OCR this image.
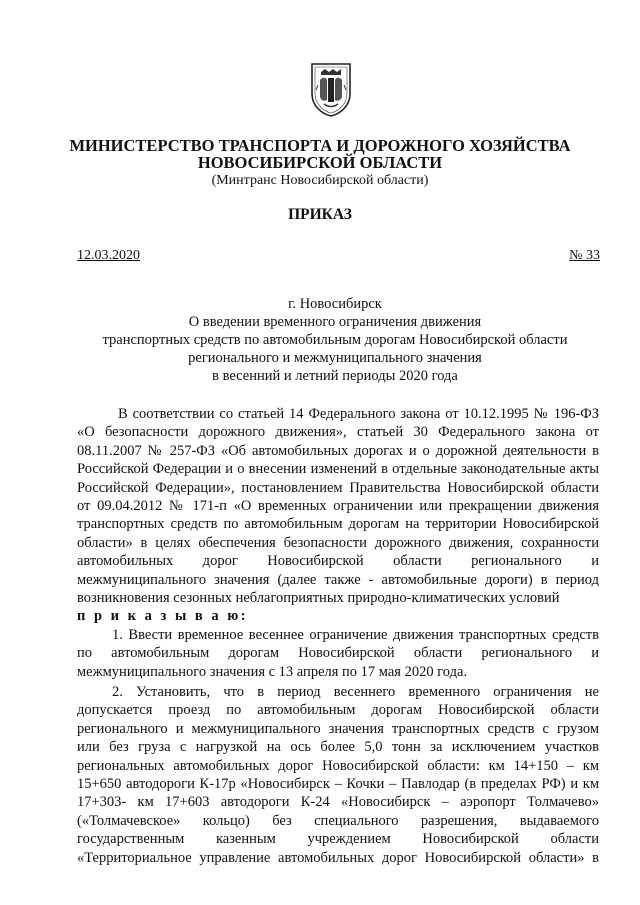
МИНИСТЕРСТВО ТРАНСПОРТА И ДОРОЖНОГО ХОЗЯЙСТВА
НОВОСИБИРСКОЙ ОБЛАСТИ
(Минтранс Новосибирской области)
ПРИКАЗ
12.03.2020	№ 33
г. Новосибирск
О введении временного ограничения движения
транспортных средств по автомобильным дорогам Новосибирской области
регионального и межмуниципального значения
в весенний и летний периоды 2020 года
В соответствии со статьей 14 Федерального закона от 10.12.1995 № 196-ФЗ
«О безопасности дорожного движения», статьей 30 Федерального закона от
08.11.2007 № 257-ФЗ «Об автомобильных дорогах и о дорожной деятельности в
Российской Федерации и о внесении изменений в отдельные законодательные акты
Российской Федерации», постановлением Правительства Новосибирской области
от 09.04.2012 № 171-п «О временных ограничении или прекращении движения
транспортных средств по автомобильным дорогам на территории Новосибирской
области» в целях обеспечения безопасности дорожного движения, сохранности
автомобильных дорог Новосибирской области регионального и
межмуниципального значения (далее также - автомобильные дороги) в период
возникновения сезонных неблагоприятных природно-климатических условий
п р и к а з ы в а ю:
1. Ввести временное весеннее ограничение движения транспортных средств
по автомобильным дорогам Новосибирской области регионального и
межмуниципального значения с 13 апреля по 17 мая 2020 года.
2. Установить, что в период весеннего временного ограничения не
допускается проезд по автомобильным дорогам Новосибирской области
регионального и межмуниципального значения транспортных средств с грузом
или без груза с нагрузкой на ось более 5,0 тонн за исключением участков
региональных автомобильных дорог Новосибирской области: км 14+150 – км
15+650 автодороги К-17р «Новосибирск – Кочки – Павлодар (в пределах РФ) и км
17+303- км 17+603 автодороги К-24 «Новосибирск – аэропорт Толмачево»
(«Толмачевское» кольцо) без специального разрешения, выдаваемого
государственным казенным учреждением Новосибирской области
«Территориальное управление автомобильных дорог Новосибирской области» в
